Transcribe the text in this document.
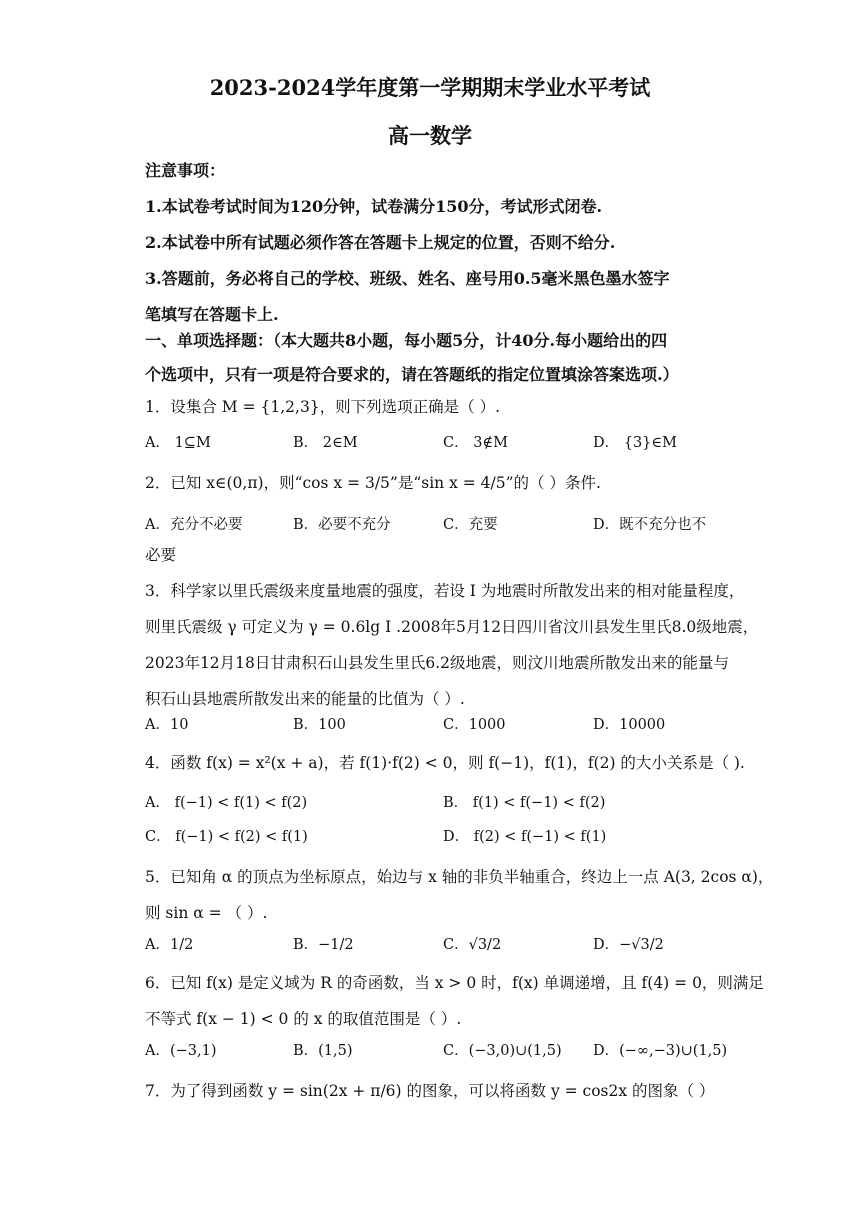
2023-2024学年度第一学期期末学业水平考试
高一数学
注意事项：
1.本试卷考试时间为120分钟，试卷满分150分，考试形式闭卷.
2.本试卷中所有试题必须作答在答题卡上规定的位置，否则不给分.
3.答题前，务必将自己的学校、班级、姓名、座号用0.5毫米黑色墨水签字
笔填写在答题卡上.
一、单项选择题：（本大题共8小题，每小题5分，计40分.每小题给出的四
个选项中，只有一项是符合要求的，请在答题纸的指定位置填涂答案选项.）
1．设集合 M = {1,2,3}，则下列选项正确是（ ）.
A． 1⊆M	B． 2∈M	C． 3∉M	D． {3}∈M
2．已知 x∈(0,π)，则“cos x = 3/5”是“sin x = 4/5”的（ ）条件.
A．充分不必要	B．必要不充分	C．充要	D．既不充分也不
必要
3．科学家以里氏震级来度量地震的强度，若设 I 为地震时所散发出来的相对能量程度，
则里氏震级 γ 可定义为 γ = 0.6lg I .2008年5月12日四川省汶川县发生里氏8.0级地震，
2023年12月18日甘肃积石山县发生里氏6.2级地震，则汶川地震所散发出来的能量与
积石山县地震所散发出来的能量的比值为（ ）.
A．10	B．100	C．1000	D．10000
4．函数 f(x) = x²(x + a)，若 f(1)·f(2) < 0，则 f(−1)，f(1)，f(2) 的大小关系是（ ).
A． f(−1) < f(1) < f(2)	B． f(1) < f(−1) < f(2)
C． f(−1) < f(2) < f(1)	D． f(2) < f(−1) < f(1)
5．已知角 α 的顶点为坐标原点，始边与 x 轴的非负半轴重合，终边上一点 A(3, 2cos α)，
则 sin α = （ ）.
A．1/2	B．−1/2	C．√3/2	D．−√3/2
6．已知 f(x) 是定义域为 R 的奇函数，当 x > 0 时，f(x) 单调递增，且 f(4) = 0，则满足
不等式 f(x − 1) < 0 的 x 的取值范围是（ ）.
A．(−3,1)	B．(1,5)	C．(−3,0)∪(1,5) D．(−∞,−3)∪(1,5)
7．为了得到函数 y = sin(2x + π/6) 的图象，可以将函数 y = cos2x 的图象（ ）
